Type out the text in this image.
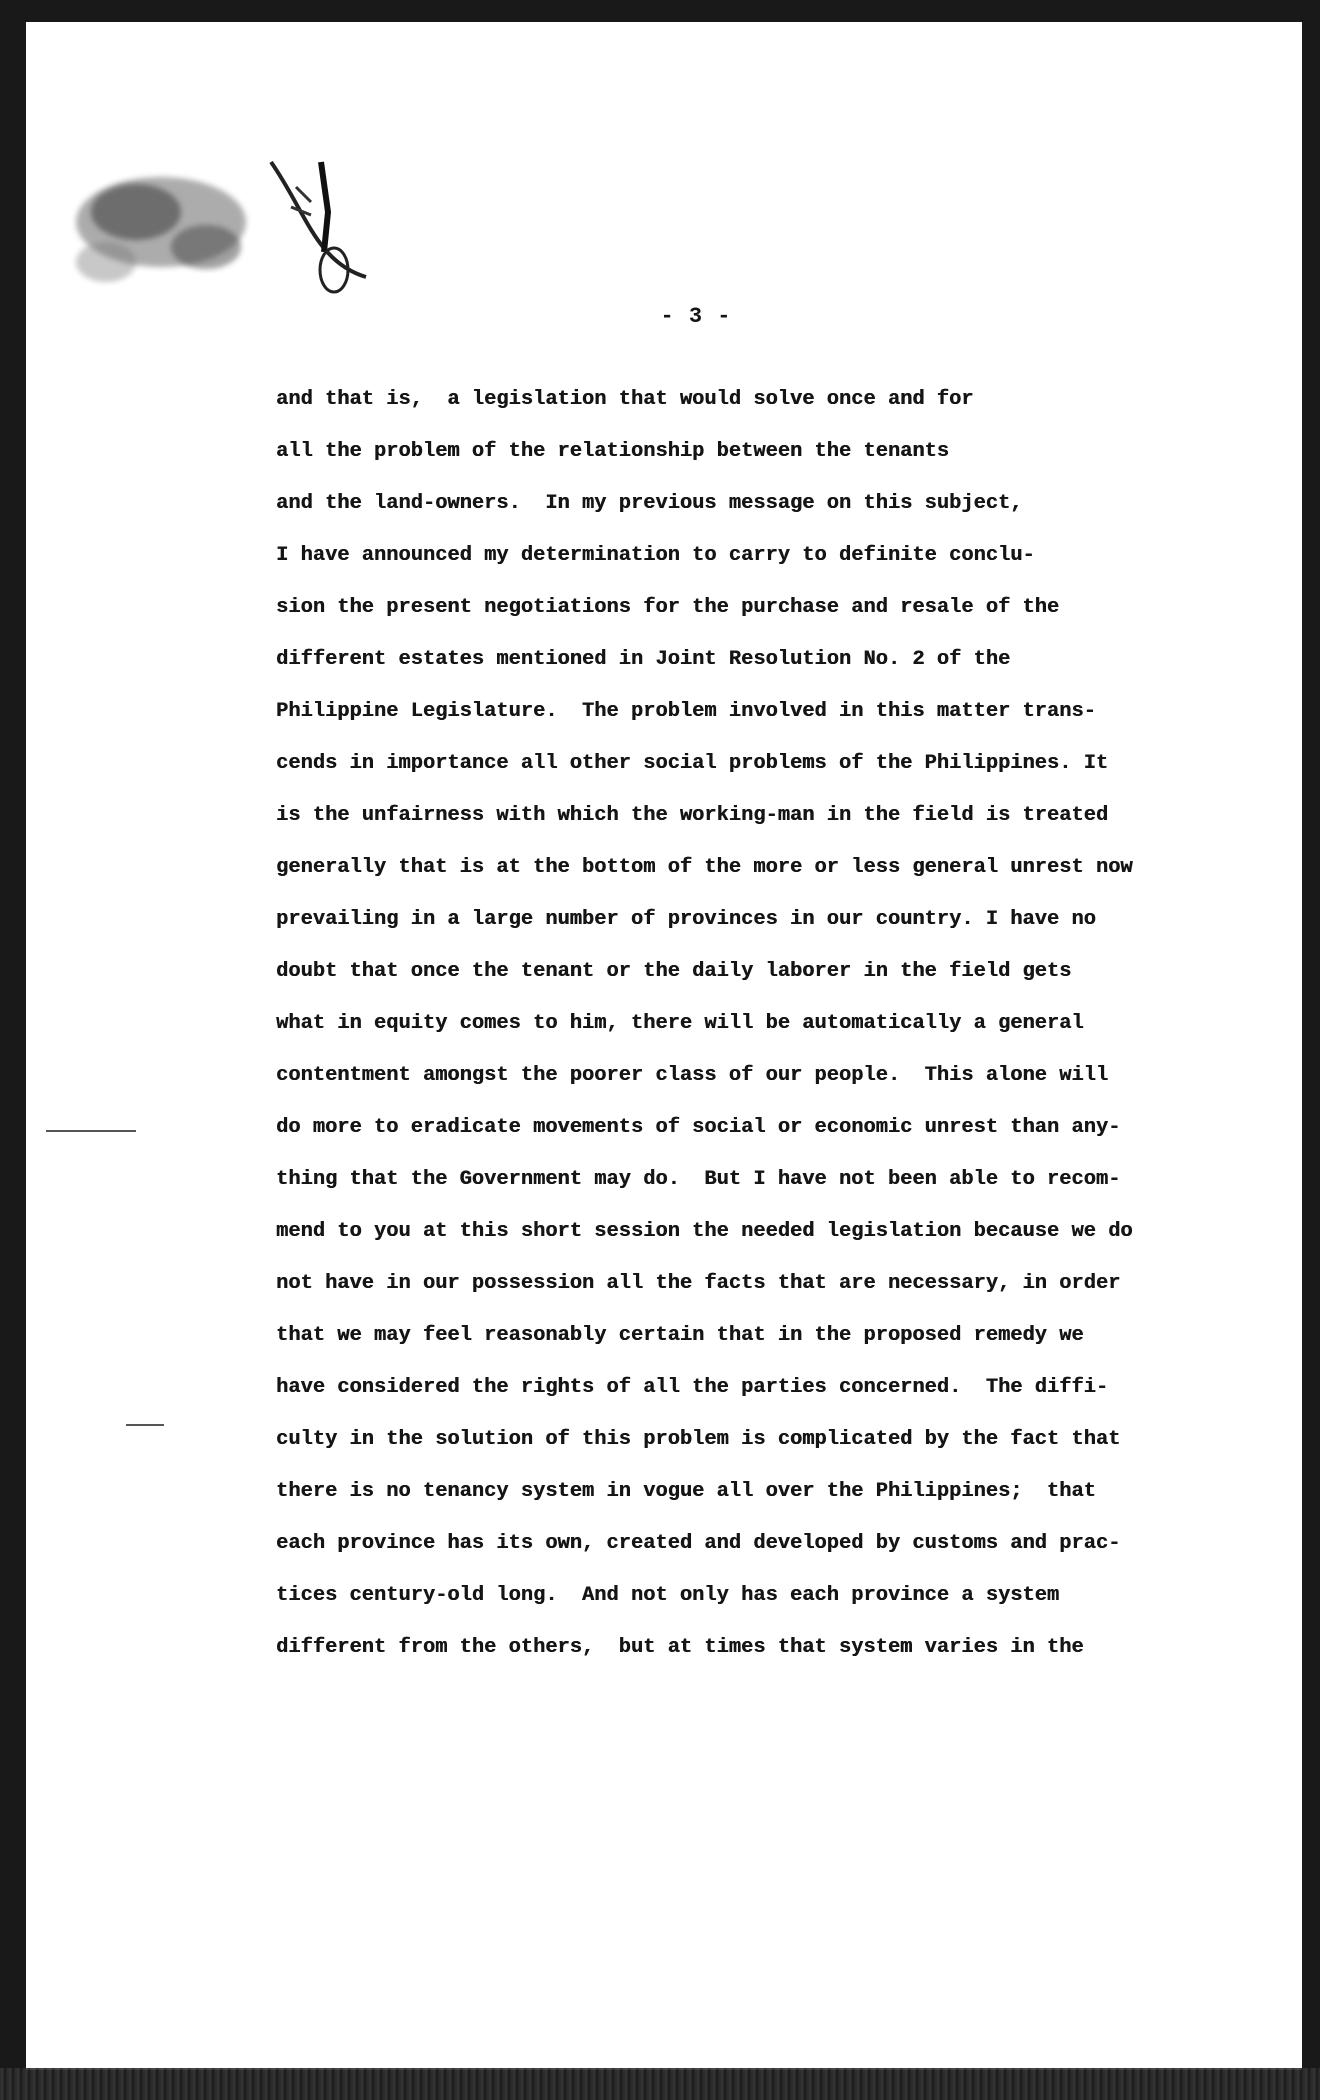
- 3 -
and that is,  a legislation that would solve once and for
all the problem of the relationship between the tenants
and the land-owners.  In my previous message on this subject,
I have announced my determination to carry to definite conclu-
sion the present negotiations for the purchase and resale of the
different estates mentioned in Joint Resolution No. 2 of the
Philippine Legislature.  The problem involved in this matter trans-
cends in importance all other social problems of the Philippines. It
is the unfairness with which the working-man in the field is treated
generally that is at the bottom of the more or less general unrest now
prevailing in a large number of provinces in our country. I have no
doubt that once the tenant or the daily laborer in the field gets
what in equity comes to him, there will be automatically a general
contentment amongst the poorer class of our people.  This alone will
do more to eradicate movements of social or economic unrest than any-
thing that the Government may do.  But I have not been able to recom-
mend to you at this short session the needed legislation because we do
not have in our possession all the facts that are necessary, in order
that we may feel reasonably certain that in the proposed remedy we
have considered the rights of all the parties concerned.  The diffi-
culty in the solution of this problem is complicated by the fact that
there is no tenancy system in vogue all over the Philippines;  that
each province has its own, created and developed by customs and prac-
tices century-old long.  And not only has each province a system
different from the others,  but at times that system varies in the
